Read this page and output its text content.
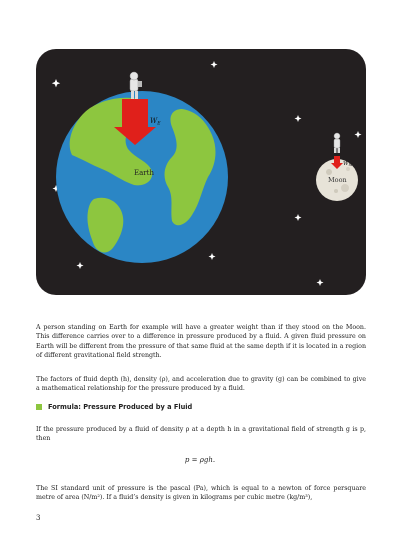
Earth
$W_E$
Moon
$W_M$
A person standing on Earth for example will have a greater weight than if they stood on the Moon. This difference carries over to a difference in pressure produced by a fluid. A given fluid pressure on Earth will be different from the pressure of that same fluid at the same depth if it is located in a region of different gravitational field strength.
The factors of fluid depth (h), density (ρ), and acceleration due to gravity (g) can be combined to give a mathematical relationship for the pressure produced by a fluid.
Formula: Pressure Produced by a Fluid
If the pressure produced by a fluid of density ρ at a depth h in a gravitational field of strength g is p, then
p = ρgh.
The SI standard unit of pressure is the pascal (Pa), which is equal to a newton of force persquare metre of area (N/m²). If a fluid’s density is given in kilograms per cubic metre (kg/m³),
3
